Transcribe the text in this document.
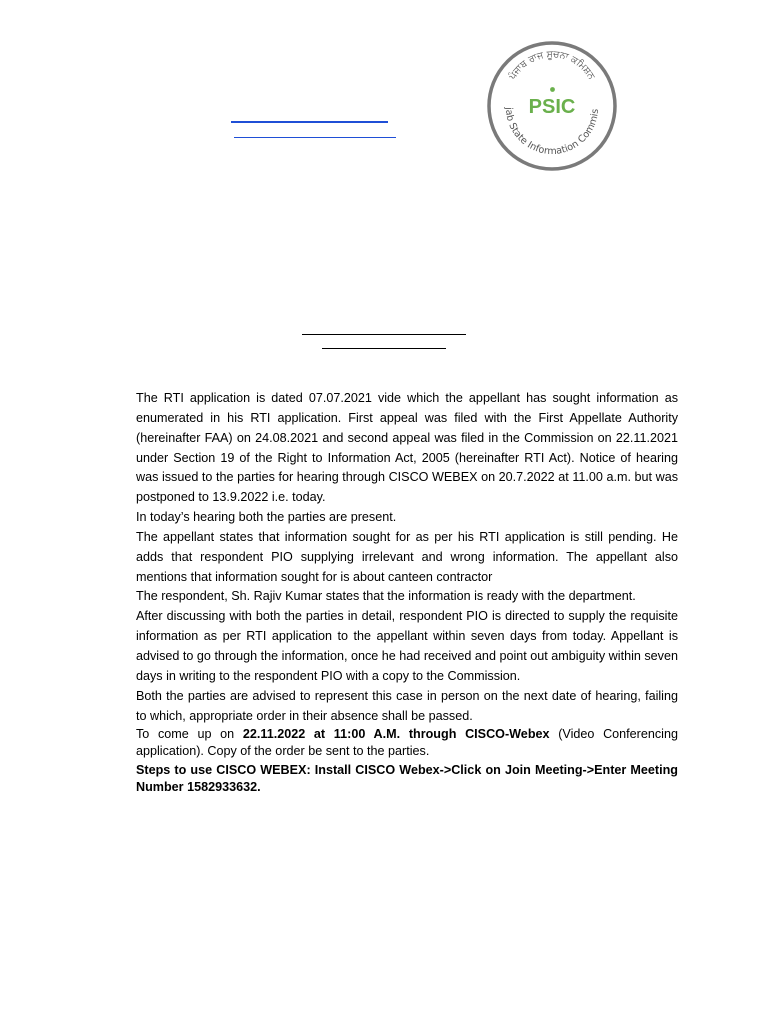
jab State Information Commis
ਪੰਜਾਬ ਰਾਜ ਸੂਚਨਾ ਕਮਿਸ਼ਨ
PSIC

The RTI application is dated 07.07.2021 vide which the appellant has sought information as enumerated in his RTI application. First appeal was filed with the First Appellate Authority (hereinafter FAA) on 24.08.2021 and second appeal was filed in the Commission on 22.11.2021 under Section 19 of the Right to Information Act, 2005 (hereinafter RTI Act). Notice of hearing was issued to the parties for hearing through CISCO WEBEX on 20.7.2022 at 11.00 a.m. but was postponed to 13.9.2022 i.e. today.

In today’s hearing both the parties are present.

The appellant states that information sought for as per his RTI application is still pending. He adds that respondent PIO supplying irrelevant and wrong information. The appellant also mentions that information sought for is about canteen contractor

The respondent, Sh. Rajiv Kumar states that the information is ready with the department.

After discussing with both the parties in detail, respondent PIO is directed to supply the requisite information as per RTI application to the appellant within seven days from today. Appellant is advised to go through the information, once he had received and point out ambiguity within seven days in writing to the respondent PIO with a copy to the Commission.

Both the parties are advised to represent this case in person on the next date of hearing, failing to which, appropriate order in their absence shall be passed.

To come up on 22.11.2022 at 11:00 A.M. through CISCO-Webex (Video Conferencing application). Copy of the order be sent to the parties.

Steps to use CISCO WEBEX: Install CISCO Webex->Click on Join Meeting->Enter Meeting Number 1582933632.
